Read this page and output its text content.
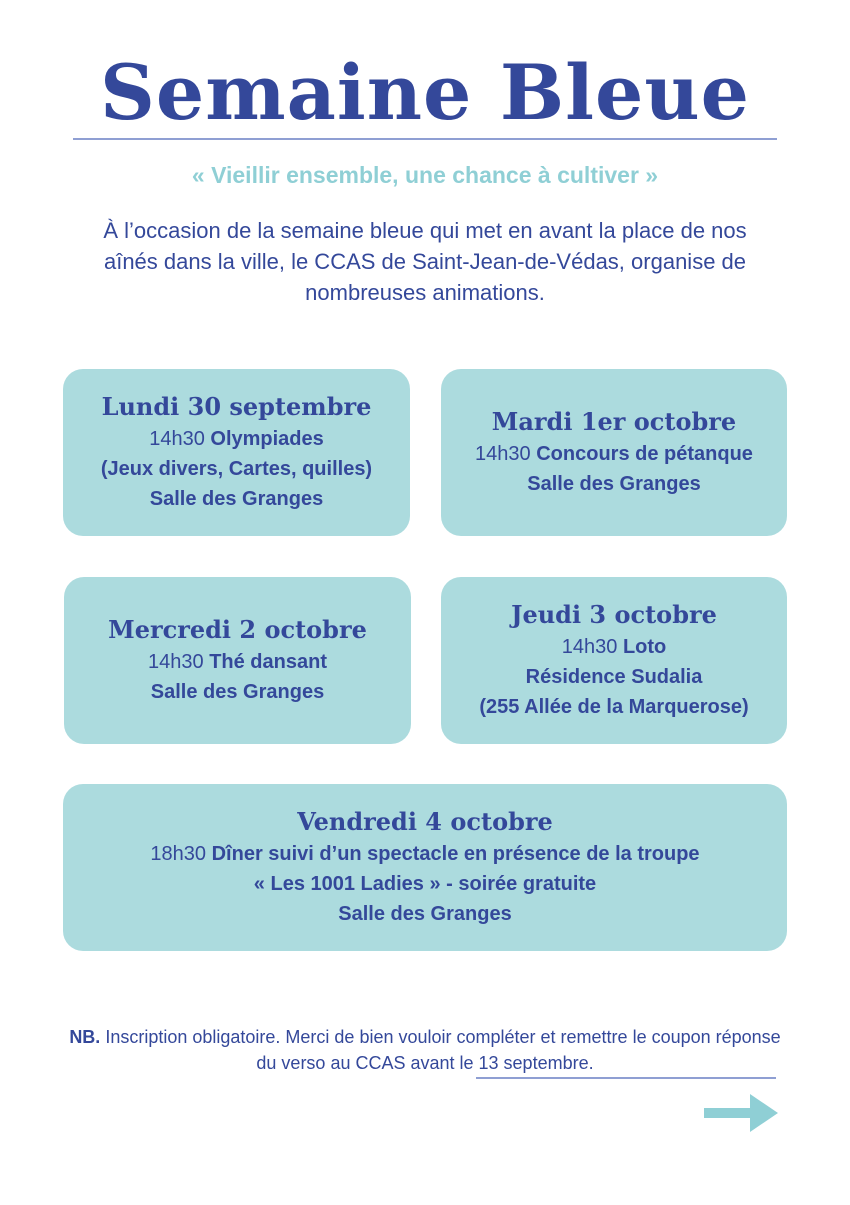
Semaine Bleue
« Vieillir ensemble, une chance à cultiver »
À l’occasion de la semaine bleue qui met en avant la place de nos aînés dans la ville, le CCAS de Saint-Jean-de-Védas, organise de nombreuses animations.
Lundi 30 septembre
14h30 Olympiades
(Jeux divers, Cartes, quilles)
Salle des Granges
Mardi 1er octobre
14h30 Concours de pétanque
Salle des Granges
Mercredi 2 octobre
14h30 Thé dansant
Salle des Granges
Jeudi 3 octobre
14h30 Loto
Résidence Sudalia
(255 Allée de la Marquerose)
Vendredi 4 octobre
18h30 Dîner suivi d’un spectacle en présence de la troupe
« Les 1001 Ladies » - soirée gratuite
Salle des Granges
NB. Inscription obligatoire. Merci de bien vouloir compléter et remettre le coupon réponse du verso au CCAS avant le 13 septembre.
